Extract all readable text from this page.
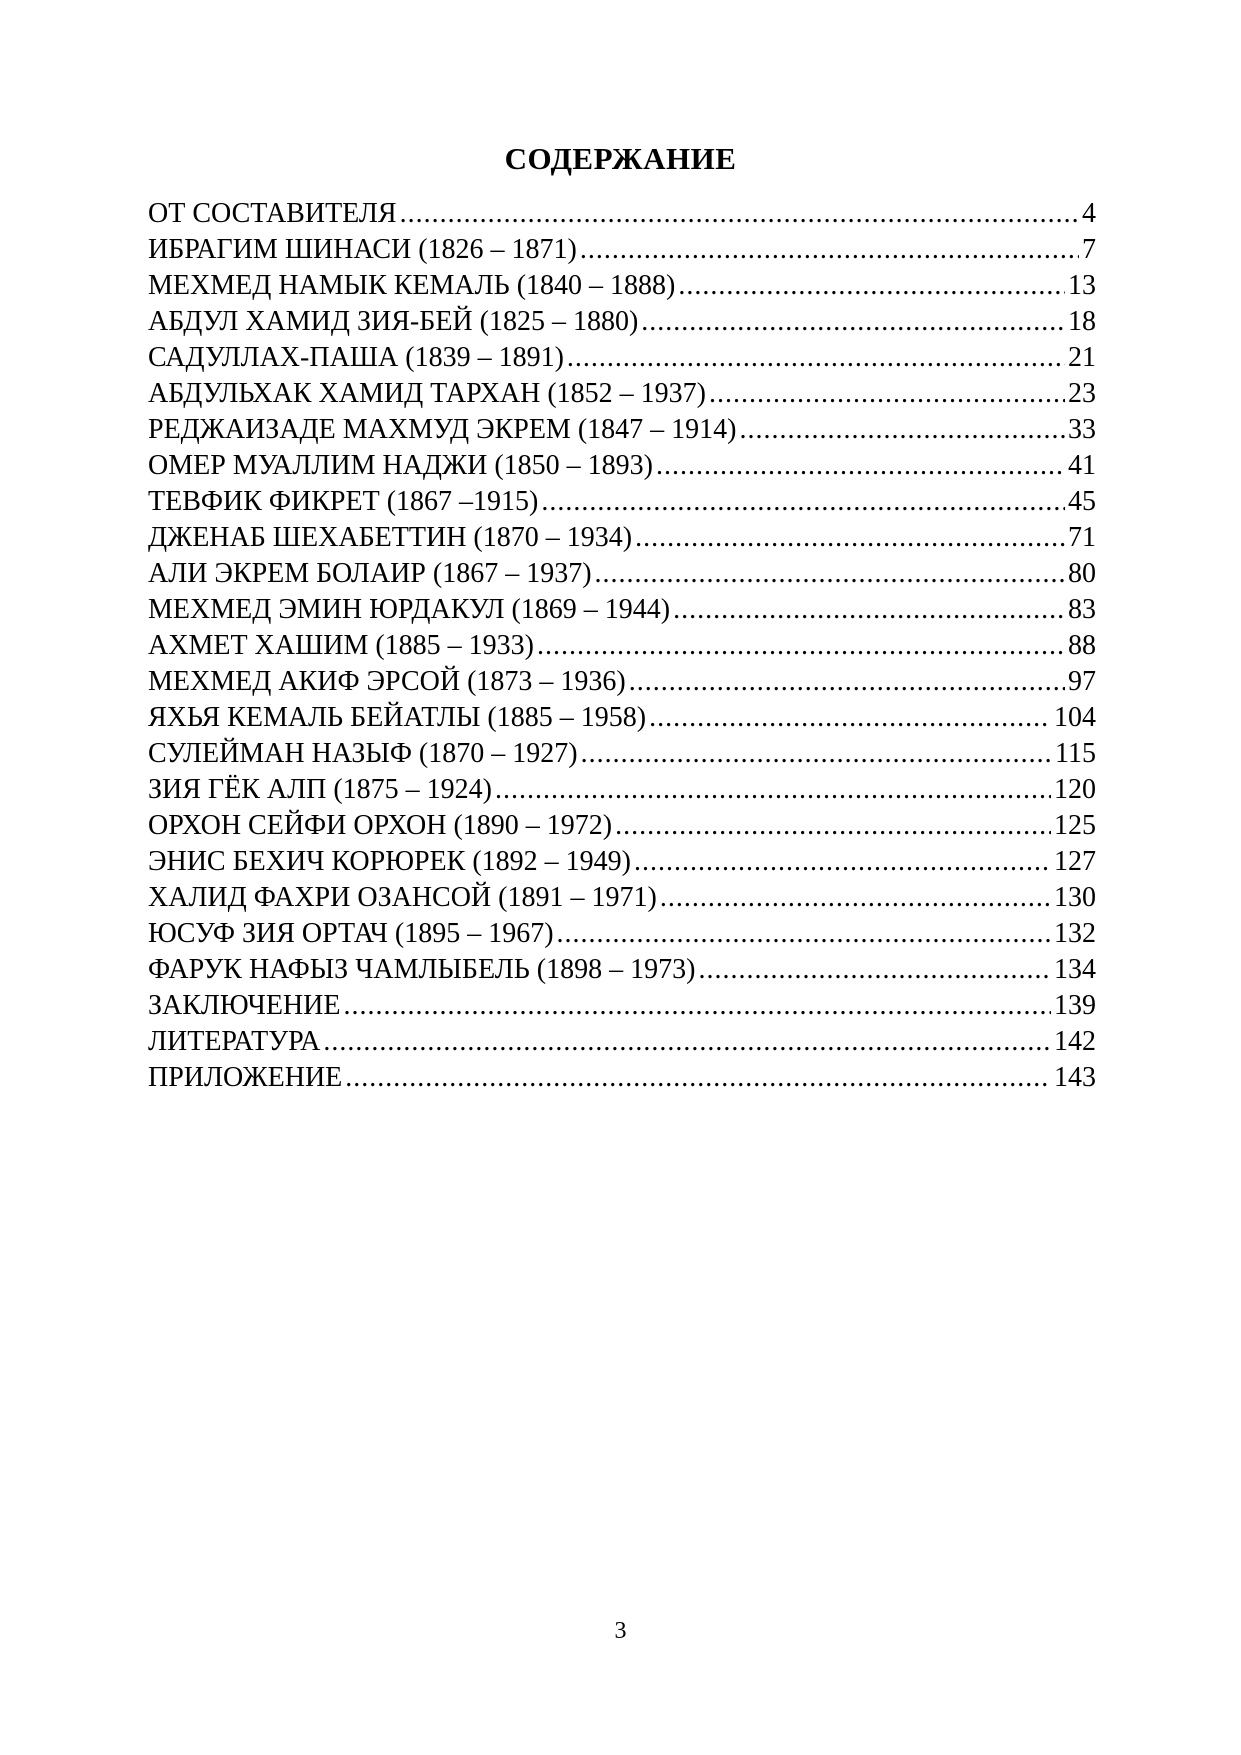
СОДЕРЖАНИЕ
ОТ СОСТАВИТЕЛЯ .....	4
ИБРАГИМ ШИНАСИ (1826 – 1871) .....	7
МЕХМЕД НАМЫК КЕМАЛЬ (1840 – 1888) .....	13
АБДУЛ ХАМИД ЗИЯ-БЕЙ (1825 – 1880) .....	18
САДУЛЛАХ-ПАША (1839 – 1891) .....	21
АБДУЛЬХАК ХАМИД ТАРХАН (1852 – 1937) .....	23
РЕДЖАИЗАДЕ МАХМУД ЭКРЕМ (1847 – 1914) .....	33
ОМЕР МУАЛЛИМ НАДЖИ (1850 – 1893) .....	41
ТЕВФИК ФИКРЕТ (1867 –1915) .....	45
ДЖЕНАБ ШЕХАБЕТТИН (1870 – 1934) .....	71
АЛИ ЭКРЕМ БОЛАИР (1867 – 1937) .....	80
МЕХМЕД ЭМИН ЮРДАКУЛ (1869 – 1944) .....	83
АХМЕТ ХАШИМ (1885 – 1933) .....	88
МЕХМЕД АКИФ ЭРСОЙ (1873 – 1936) .....	97
ЯХЬЯ КЕМАЛЬ БЕЙАТЛЫ (1885 – 1958) .....	104
СУЛЕЙМАН НАЗЫФ (1870 – 1927) .....	115
ЗИЯ ГЁК АЛП (1875 – 1924) .....	120
ОРХОН СЕЙФИ ОРХОН (1890 – 1972) .....	125
ЭНИС БЕХИЧ КОРЮРЕК (1892 – 1949) .....	127
ХАЛИД ФАХРИ ОЗАНСОЙ (1891 – 1971) .....	130
ЮСУФ ЗИЯ ОРТАЧ (1895 – 1967) .....	132
ФАРУК НАФЫЗ ЧАМЛЫБЕЛЬ (1898 – 1973) .....	134
ЗАКЛЮЧЕНИЕ .....	139
ЛИТЕРАТУРА .....	142
ПРИЛОЖЕНИЕ .....	143
3
